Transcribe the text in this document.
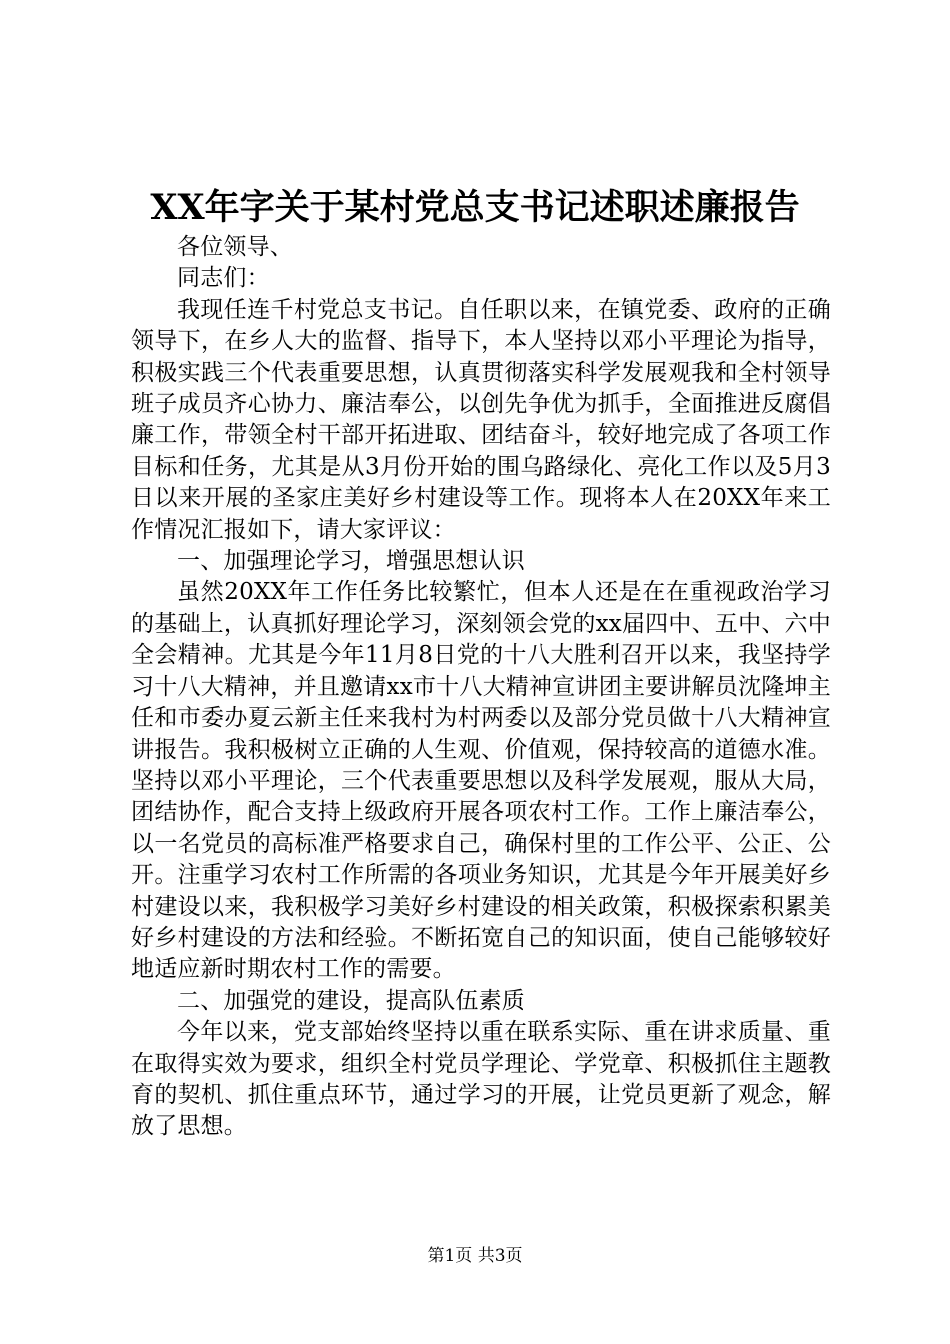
XX年字关于某村党总支书记述职述廉报告

各位领导、

同志们：

我现任连千村党总支书记。自任职以来，在镇党委、政府的正确领导下，在乡人大的监督、指导下，本人坚持以邓小平理论为指导，积极实践三个代表重要思想，认真贯彻落实科学发展观我和全村领导班子成员齐心协力、廉洁奉公，以创先争优为抓手，全面推进反腐倡廉工作，带领全村干部开拓进取、团结奋斗，较好地完成了各项工作目标和任务，尤其是从3月份开始的围乌路绿化、亮化工作以及5月3日以来开展的圣家庄美好乡村建设等工作。现将本人在20XX年来工作情况汇报如下，请大家评议：

一、加强理论学习，增强思想认识

虽然20XX年工作任务比较繁忙，但本人还是在在重视政治学习的基础上，认真抓好理论学习，深刻领会党的xx届四中、五中、六中全会精神。尤其是今年11月8日党的十八大胜利召开以来，我坚持学习十八大精神，并且邀请xx市十八大精神宣讲团主要讲解员沈隆坤主任和市委办夏云新主任来我村为村两委以及部分党员做十八大精神宣讲报告。我积极树立正确的人生观、价值观，保持较高的道德水准。坚持以邓小平理论，三个代表重要思想以及科学发展观，服从大局，团结协作，配合支持上级政府开展各项农村工作。工作上廉洁奉公，以一名党员的高标准严格要求自己，确保村里的工作公平、公正、公开。注重学习农村工作所需的各项业务知识，尤其是今年开展美好乡村建设以来，我积极学习美好乡村建设的相关政策，积极探索积累美好乡村建设的方法和经验。不断拓宽自己的知识面，使自己能够较好地适应新时期农村工作的需要。

二、加强党的建设，提高队伍素质

今年以来，党支部始终坚持以重在联系实际、重在讲求质量、重在取得实效为要求，组织全村党员学理论、学党章、积极抓住主题教育的契机、抓住重点环节，通过学习的开展，让党员更新了观念，解放了思想。

第1页 共3页
